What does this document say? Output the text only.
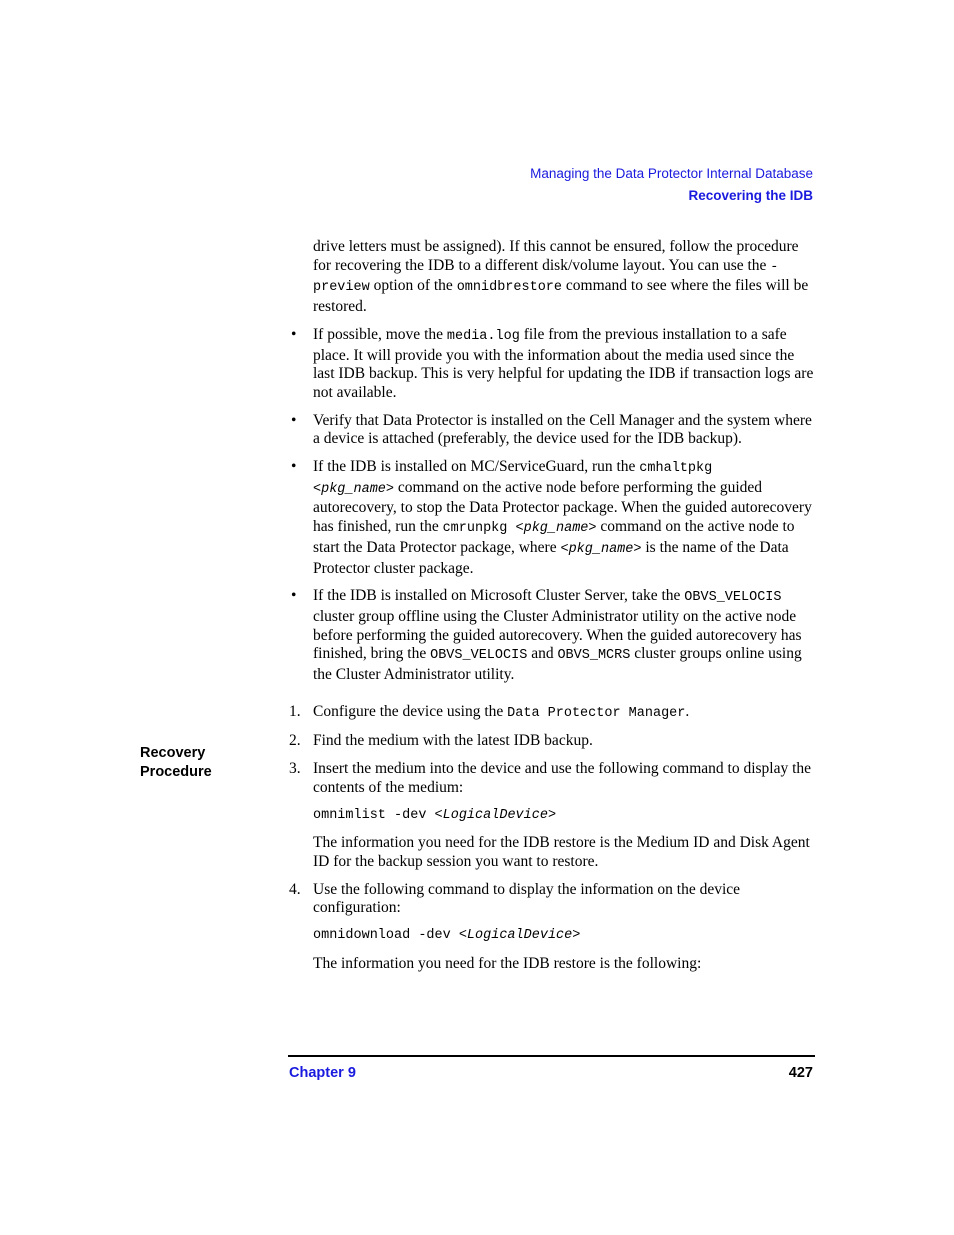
Managing the Data Protector Internal Database
Recovering the IDB
Recovery
Procedure

drive letters must be assigned). If this cannot be ensured, follow the procedure for recovering the IDB to a different disk/volume layout. You can use the -preview option of the omnidbrestore command to see where the files will be restored.

• If possible, move the media.log file from the previous installation to a safe place. It will provide you with the information about the media used since the last IDB backup. This is very helpful for updating the IDB if transaction logs are not available.
• Verify that Data Protector is installed on the Cell Manager and the system where a device is attached (preferably, the device used for the IDB backup).
• If the IDB is installed on MC/ServiceGuard, run the cmhaltpkg
<pkg_name> command on the active node before performing the guided autorecovery, to stop the Data Protector package. When the guided autorecovery has finished, run the cmrunpkg <pkg_name> command on the active node to start the Data Protector package, where <pkg_name> is the name of the Data Protector cluster package.
• If the IDB is installed on Microsoft Cluster Server, take the OBVS_VELOCIS cluster group offline using the Cluster Administrator utility on the active node before performing the guided autorecovery. When the guided autorecovery has finished, bring the OBVS_VELOCIS and OBVS_MCRS cluster groups online using the Cluster Administrator utility.
1. Configure the device using the Data Protector Manager.
2. Find the medium with the latest IDB backup.
3. Insert the medium into the device and use the following command to display the contents of the medium:
omnimlist -dev <LogicalDevice>

The information you need for the IDB restore is the Medium ID and Disk Agent ID for the backup session you want to restore.

4. Use the following command to display the information on the device configuration:
omnidownload -dev <LogicalDevice>

The information you need for the IDB restore is the following:

Chapter 9	427
